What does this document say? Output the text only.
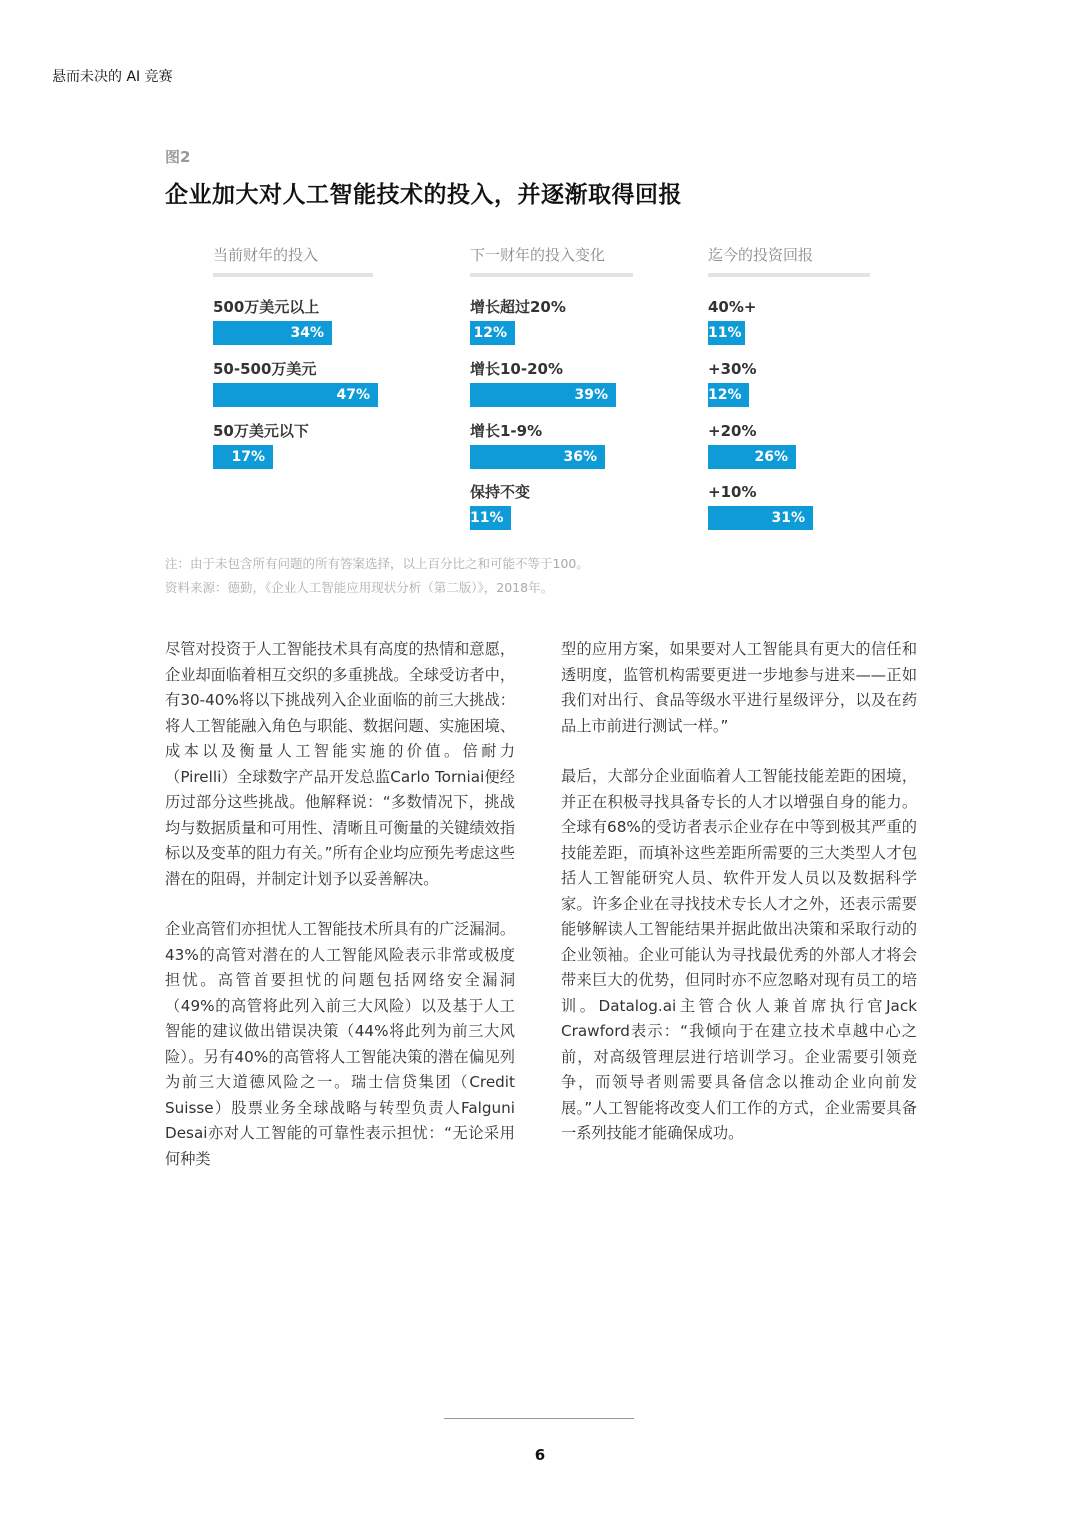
悬而未决的 AI 竞赛
图2
企业加大对人工智能技术的投入，并逐渐取得回报
当前财年的投入
500万美元以上
34%
50-500万美元
47%
50万美元以下
17%
下一财年的投入变化
增长超过20%
12%
增长10-20%
39%
增长1-9%
36%
保持不变
11%
迄今的投资回报
40%+
11%
+30%
12%
+20%
26%
+10%
31%
注：由于未包含所有问题的所有答案选择，以上百分比之和可能不等于100。
资料来源：德勤，《企业人工智能应用现状分析（第二版）》，2018年。

尽管对投资于人工智能技术具有高度的热情和意愿，企业却面临着相互交织的多重挑战。全球受访者中，有30-40%将以下挑战列入企业面临的前三大挑战：将人工智能融入角色与职能、数据问题、实施困境、成本以及衡量人工智能实施的价值。倍耐力（Pirelli）全球数字产品开发总监Carlo Torniai便经历过部分这些挑战。他解释说：“多数情况下，挑战均与数据质量和可用性、清晰且可衡量的关键绩效指标以及变革的阻力有关。”所有企业均应预先考虑这些潜在的阻碍，并制定计划予以妥善解决。

企业高管们亦担忧人工智能技术所具有的广泛漏洞。43%的高管对潜在的人工智能风险表示非常或极度担忧。高管首要担忧的问题包括网络安全漏洞（49%的高管将此列入前三大风险）以及基于人工智能的建议做出错误决策（44%将此列为前三大风险）。另有40%的高管将人工智能决策的潜在偏见列为前三大道德风险之一。瑞士信贷集团（Credit Suisse）股票业务全球战略与转型负责人Falguni Desai亦对人工智能的可靠性表示担忧：“无论采用何种类

型的应用方案，如果要对人工智能具有更大的信任和透明度，监管机构需要更进一步地参与进来——正如我们对出行、食品等级水平进行星级评分，以及在药品上市前进行测试一样。”

最后，大部分企业面临着人工智能技能差距的困境，并正在积极寻找具备专长的人才以增强自身的能力。全球有68%的受访者表示企业存在中等到极其严重的技能差距，而填补这些差距所需要的三大类型人才包括人工智能研究人员、软件开发人员以及数据科学家。许多企业在寻找技术专长人才之外，还表示需要能够解读人工智能结果并据此做出决策和采取行动的企业领袖。企业可能认为寻找最优秀的外部人才将会带来巨大的优势，但同时亦不应忽略对现有员工的培训。Datalog.ai主管合伙人兼首席执行官Jack Crawford表示：“我倾向于在建立技术卓越中心之前，对高级管理层进行培训学习。企业需要引领竞争，而领导者则需要具备信念以推动企业向前发展。”人工智能将改变人们工作的方式，企业需要具备一系列技能才能确保成功。

6
